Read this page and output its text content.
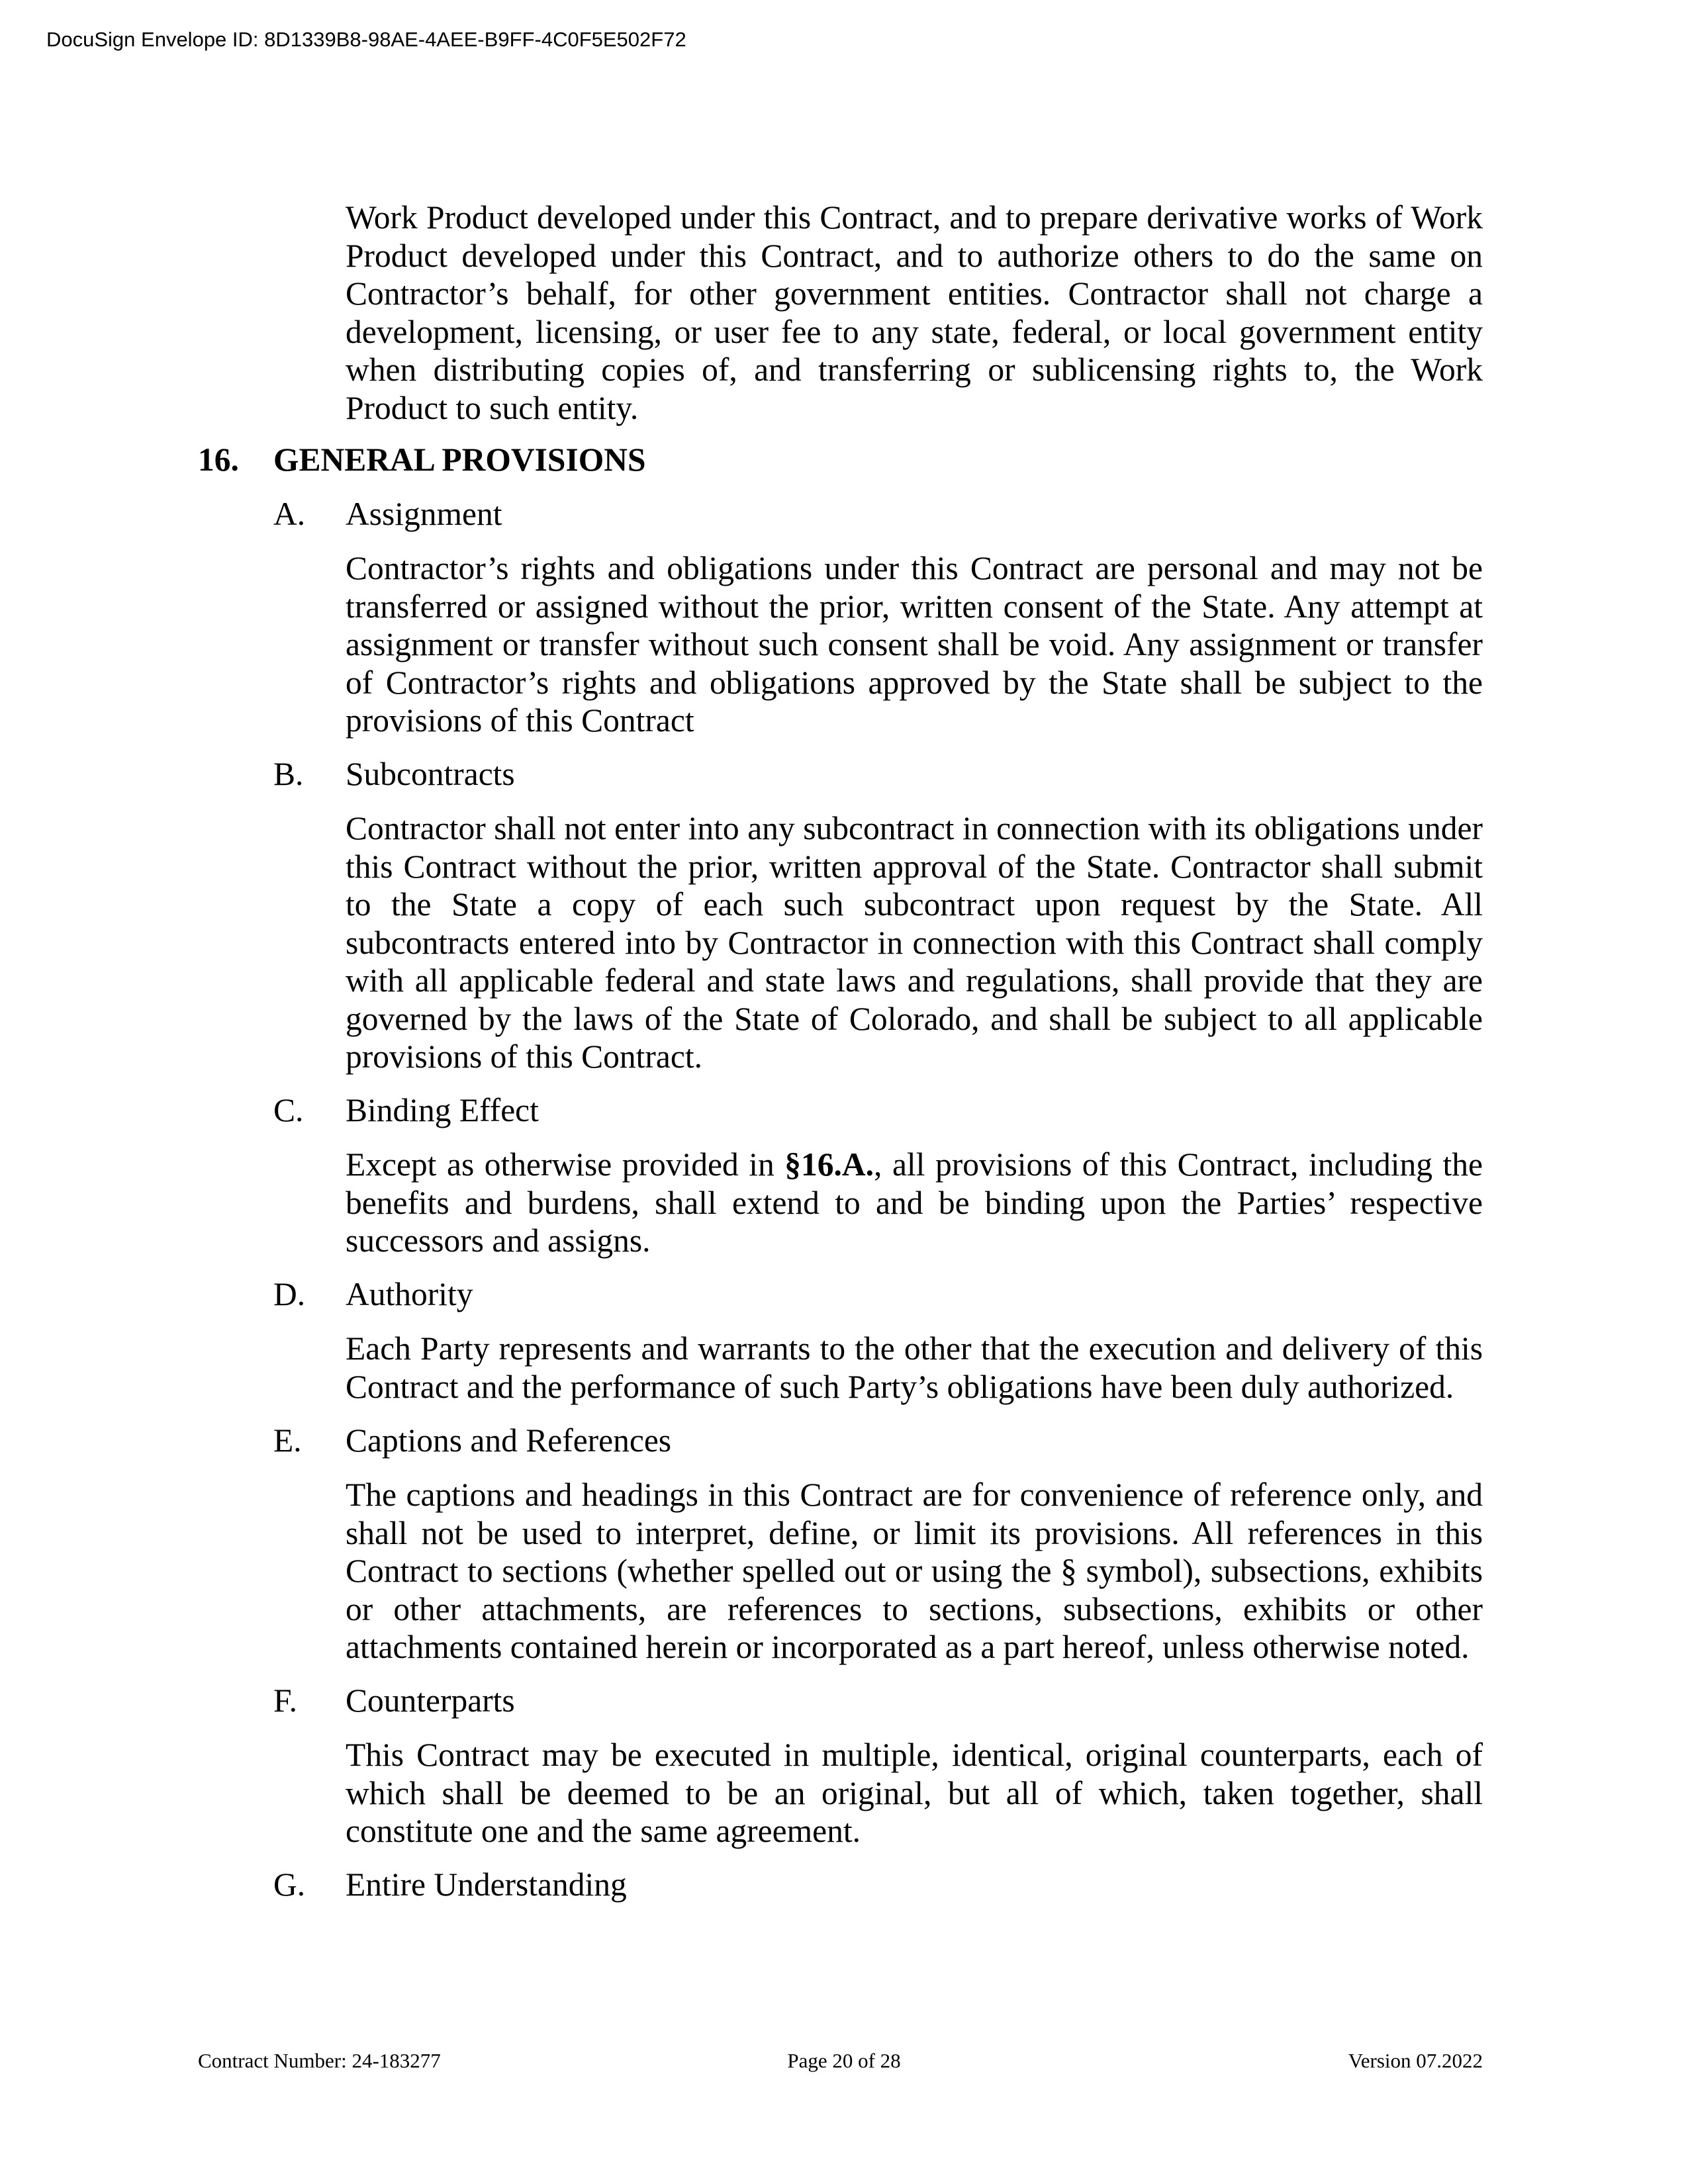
DocuSign Envelope ID: 8D1339B8-98AE-4AEE-B9FF-4C0F5E502F72

Work Product developed under this Contract, and to prepare derivative works of Work Product developed under this Contract, and to authorize others to do the same on Contractor’s behalf, for other government entities. Contractor shall not charge a development, licensing, or user fee to any state, federal, or local government entity when distributing copies of, and transferring or sublicensing rights to, the Work Product to such entity.

16. GENERAL PROVISIONS
A. Assignment

Contractor’s rights and obligations under this Contract are personal and may not be transferred or assigned without the prior, written consent of the State. Any attempt at assignment or transfer without such consent shall be void. Any assignment or transfer of Contractor’s rights and obligations approved by the State shall be subject to the provisions of this Contract

B. Subcontracts

Contractor shall not enter into any subcontract in connection with its obligations under this Contract without the prior, written approval of the State. Contractor shall submit to the State a copy of each such subcontract upon request by the State. All subcontracts entered into by Contractor in connection with this Contract shall comply with all applicable federal and state laws and regulations, shall provide that they are governed by the laws of the State of Colorado, and shall be subject to all applicable provisions of this Contract.

C. Binding Effect

Except as otherwise provided in §16.A., all provisions of this Contract, including the benefits and burdens, shall extend to and be binding upon the Parties’ respective successors and assigns.

D. Authority

Each Party represents and warrants to the other that the execution and delivery of this Contract and the performance of such Party’s obligations have been duly authorized.

E. Captions and References

The captions and headings in this Contract are for convenience of reference only, and shall not be used to interpret, define, or limit its provisions. All references in this Contract to sections (whether spelled out or using the § symbol), subsections, exhibits or other attachments, are references to sections, subsections, exhibits or other attachments contained herein or incorporated as a part hereof, unless otherwise noted.

F. Counterparts

This Contract may be executed in multiple, identical, original counterparts, each of which shall be deemed to be an original, but all of which, taken together, shall constitute one and the same agreement.

G. Entire Understanding
Contract Number: 24-183277	Page 20 of 28	Version 07.2022
